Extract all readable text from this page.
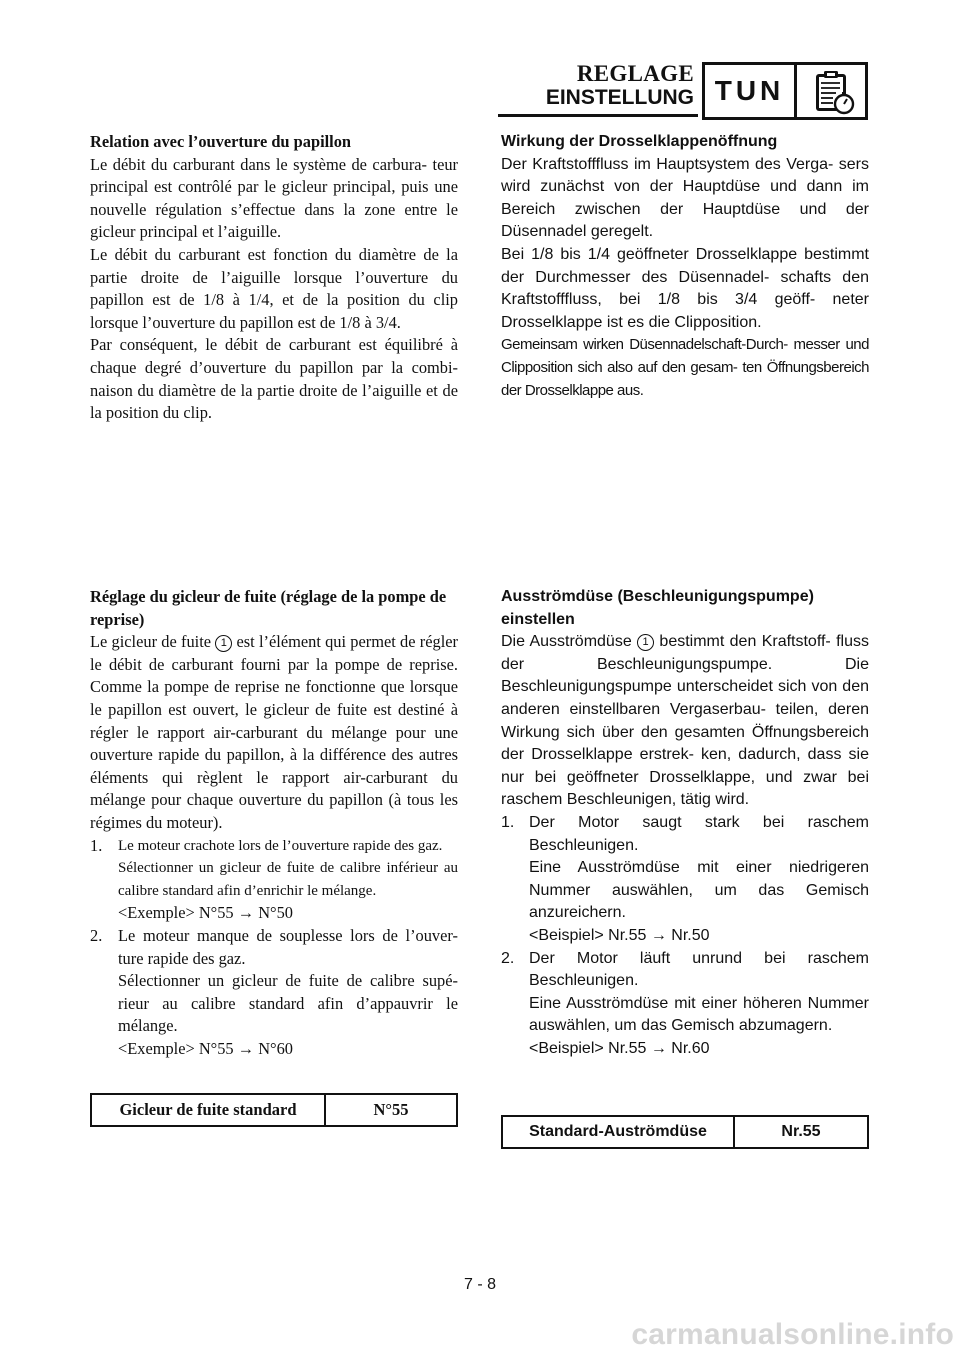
REGLAGE
EINSTELLUNG TUN

Relation avec l’ouverture du papillon

Le débit du carburant dans le système de carbura- teur principal est contrôlé par le gicleur principal, puis une nouvelle régulation s’effectue dans la zone entre le gicleur principal et l’aiguille.

Le débit du carburant est fonction du diamètre de la partie droite de l’aiguille lorsque l’ouverture du papillon est de 1/8 à 1/4, et de la position du clip lorsque l’ouverture du papillon est de 1/8 à 3/4.

Par conséquent, le débit de carburant est équilibré à chaque degré d’ouverture du papillon par la combi- naison du diamètre de la partie droite de l’aiguille et de la position du clip.

Wirkung der Drosselklappenöffnung

Der Kraftstofffluss im Hauptsystem des Verga- sers wird zunächst von der Hauptdüse und dann im Bereich zwischen der Hauptdüse und der Düsennadel geregelt.

Bei 1/8 bis 1/4 geöffneter Drosselklappe bestimmt der Durchmesser des Düsennadel- schafts den Kraftstofffluss, bei 1/8 bis 3/4 geöff- neter Drosselklappe ist es die Clipposition.

Gemeinsam wirken Düsennadelschaft-Durch- messer und Clipposition sich also auf den gesam- ten Öffnungsbereich der Drosselklappe aus.

Réglage du gicleur de fuite (réglage de la pompe de reprise)

Le gicleur de fuite 1 est l’élément qui permet de régler le débit de carburant fourni par la pompe de reprise. Comme la pompe de reprise ne fonctionne que lorsque le papillon est ouvert, le gicleur de fuite est destiné à régler le rapport air-carburant du mélange pour une ouverture rapide du papillon, à la différence des autres éléments qui règlent le rapport air-carburant du mélange pour chaque ouverture du papillon (à tous les régimes du moteur).

1. Le moteur crachote lors de l’ouverture rapide des gaz.
Sélectionner un gicleur de fuite de calibre inférieur au calibre standard afin d’enrichir le mélange.
<Exemple> N°55 → N°50
2. Le moteur manque de souplesse lors de l’ouver- ture rapide des gaz.
Sélectionner un gicleur de fuite de calibre supé- rieur au calibre standard afin d’appauvrir le mélange.
<Exemple> N°55 → N°60
Gicleur de fuite standard	N°55

Ausströmdüse (Beschleunigungspumpe) einstellen

Die Ausströmdüse 1 bestimmt den Kraftstoff- fluss der Beschleunigungspumpe. Die Beschleunigungspumpe unterscheidet sich von den anderen einstellbaren Vergaserbau- teilen, deren Wirkung sich über den gesamten Öffnungsbereich der Drosselklappe erstrek- ken, dadurch, dass sie nur bei geöffneter Drosselklappe, und zwar bei raschem Beschleunigen, tätig wird.

1. Der Motor saugt stark bei raschem Beschleunigen.
Eine Ausströmdüse mit einer niedrigeren Nummer auswählen, um das Gemisch anzureichern.
<Beispiel> Nr.55 → Nr.50
2. Der Motor läuft unrund bei raschem Beschleunigen.
Eine Ausströmdüse mit einer höheren Nummer auswählen, um das Gemisch abzumagern.
<Beispiel> Nr.55 → Nr.60
Standard-Auströmdüse	Nr.55
7 - 8
carmanualsonline.info
